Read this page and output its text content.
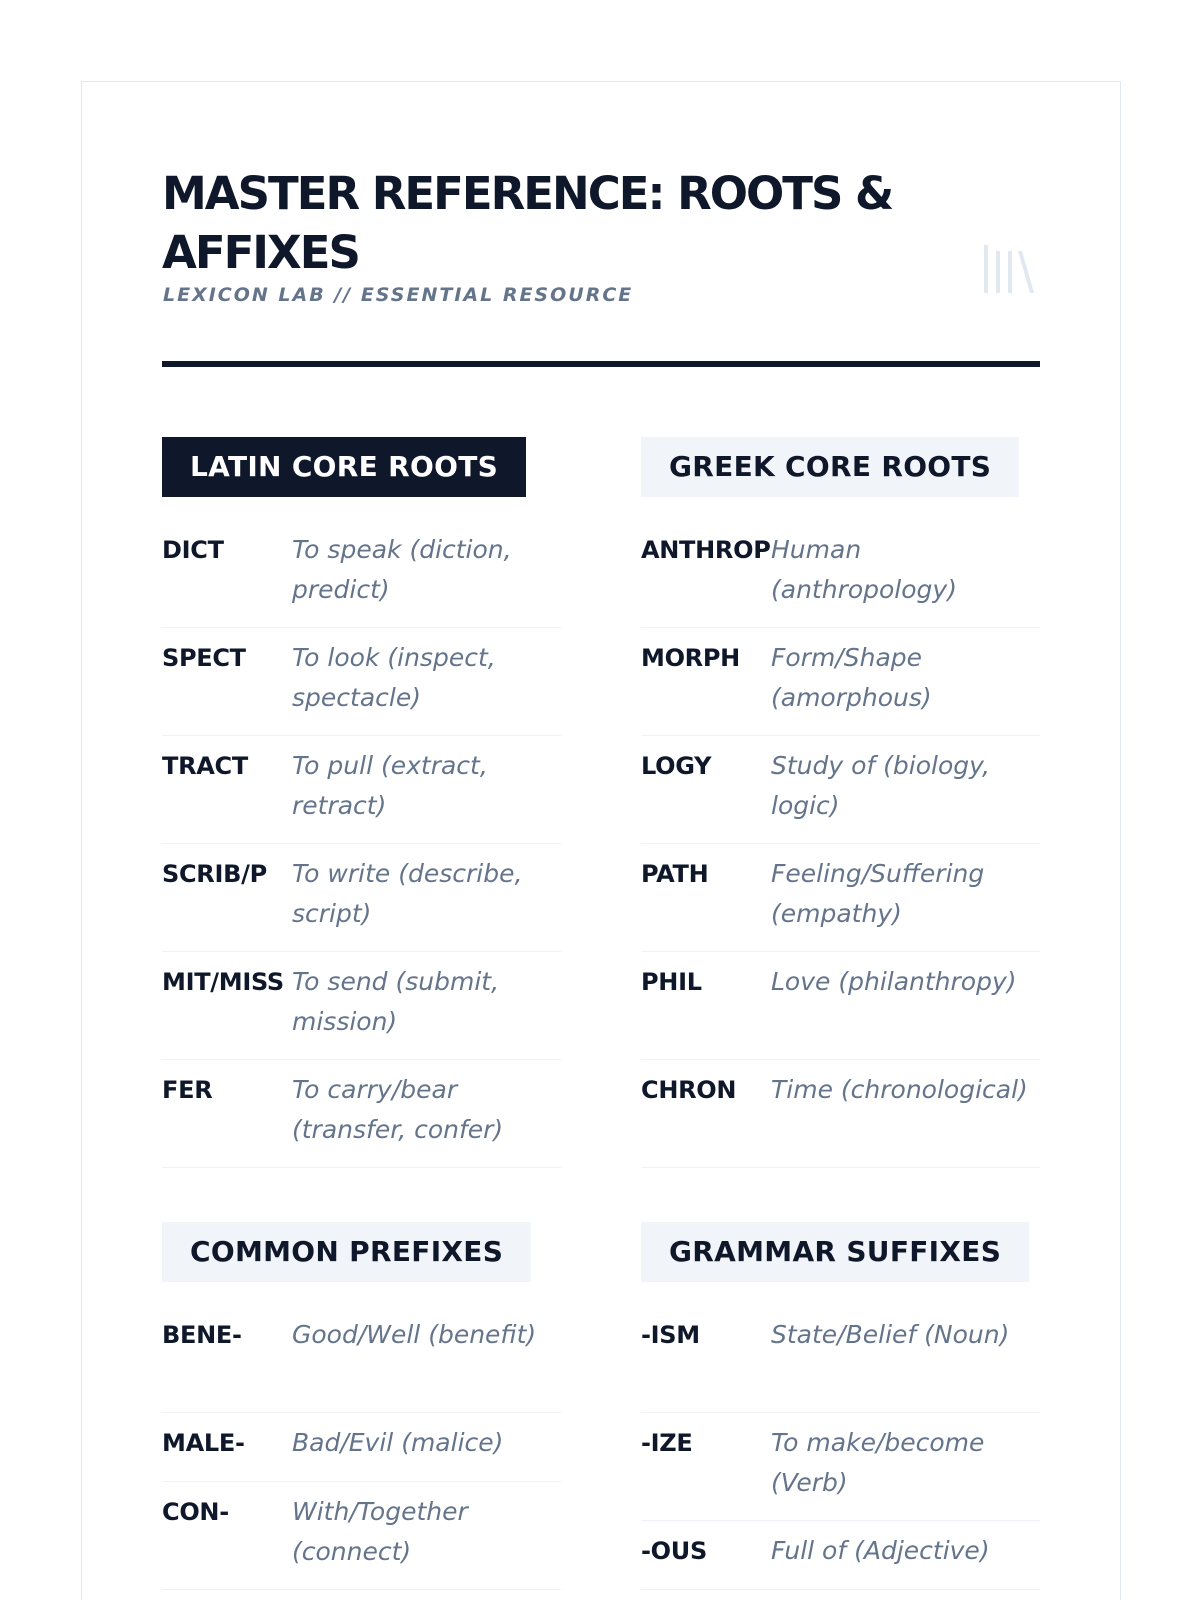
MASTER REFERENCE: ROOTS & AFFIXES
LEXICON LAB // ESSENTIAL RESOURCE
LATIN CORE ROOTS
DICT	To speak (diction, predict)
SPECT	To look (inspect, spectacle)
TRACT	To pull (extract, retract)
SCRIB/P	To write (describe, script)
MIT/MISS To send (submit, mission)
FER	To carry/bear (transfer, confer)
GREEK CORE ROOTS
ANTHROP Human (anthropology)
MORPH	Form/Shape (amorphous)
LOGY	Study of (biology, logic)
PATH	Feeling/Suffering (empathy)
PHIL	Love (philanthropy)
CHRON	Time (chronological)
COMMON PREFIXES
BENE-	Good/Well (benefit)
MALE-	Bad/Evil (malice)
CON-	With/Together (connect)
GRAMMAR SUFFIXES
-ISM	State/Belief (Noun)
-IZE	To make/become (Verb)
-OUS	Full of (Adjective)
